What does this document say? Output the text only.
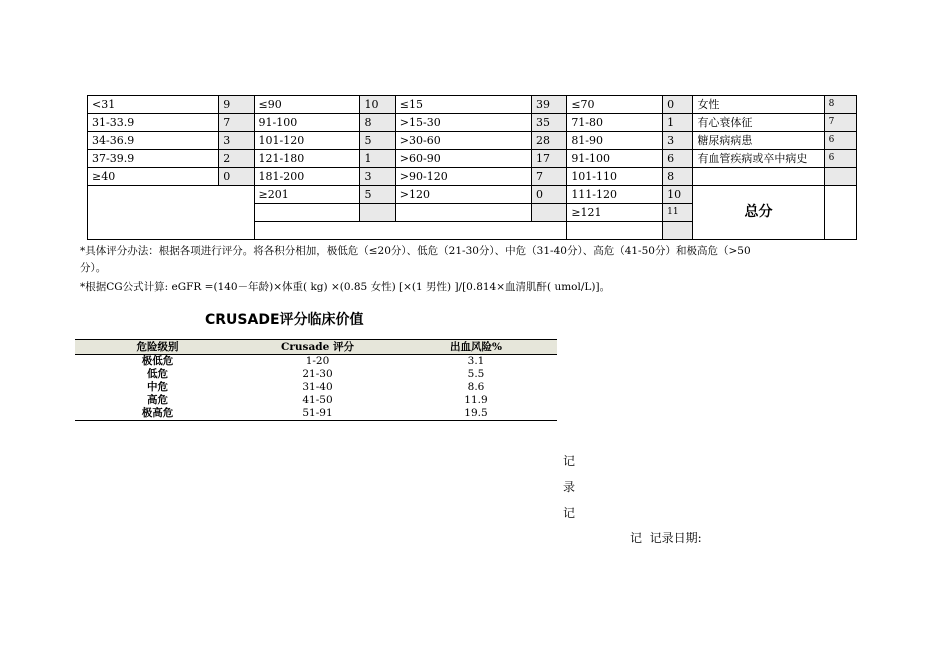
<31	9	≤90	10	≤15	39	≤70	0	女性	8
31-33.9	7	91-100	8	>15-30	35	71-80	1	有心衰体征	7
34-36.9	3	101-120	5	>30-60	28	81-90	3	糖尿病病患	6
37-39.9	2	121-180	1	>60-90	17	91-100	6	有血管疾病或卒中病史	6
≥40	0	181-200	3	>90-120	7	101-110	8		
		≥201	5	>120	0	111-120	10	总分	
						≥121	11		

*具体评分办法：根据各项进行评分。将各积分相加，极低危（≤20分）、低危（21-30分）、中危（31-40分）、高危（41-50分）和极高危（>50
分）。
*根据CG公式计算: eGFR =(140－年龄)×体重( kg) ×(0.85 女性) [×(1 男性) ]/[0.814×血清肌酐( umol/L)]。
CRUSADE评分临床价值
危险级别	Crusade 评分	出血风险%
极低危	1-20	3.1
低危	21-30	5.5
中危	31-40	8.6
高危	41-50	11.9
极高危	51-91	19.5
记
录
记
记  记录日期:
